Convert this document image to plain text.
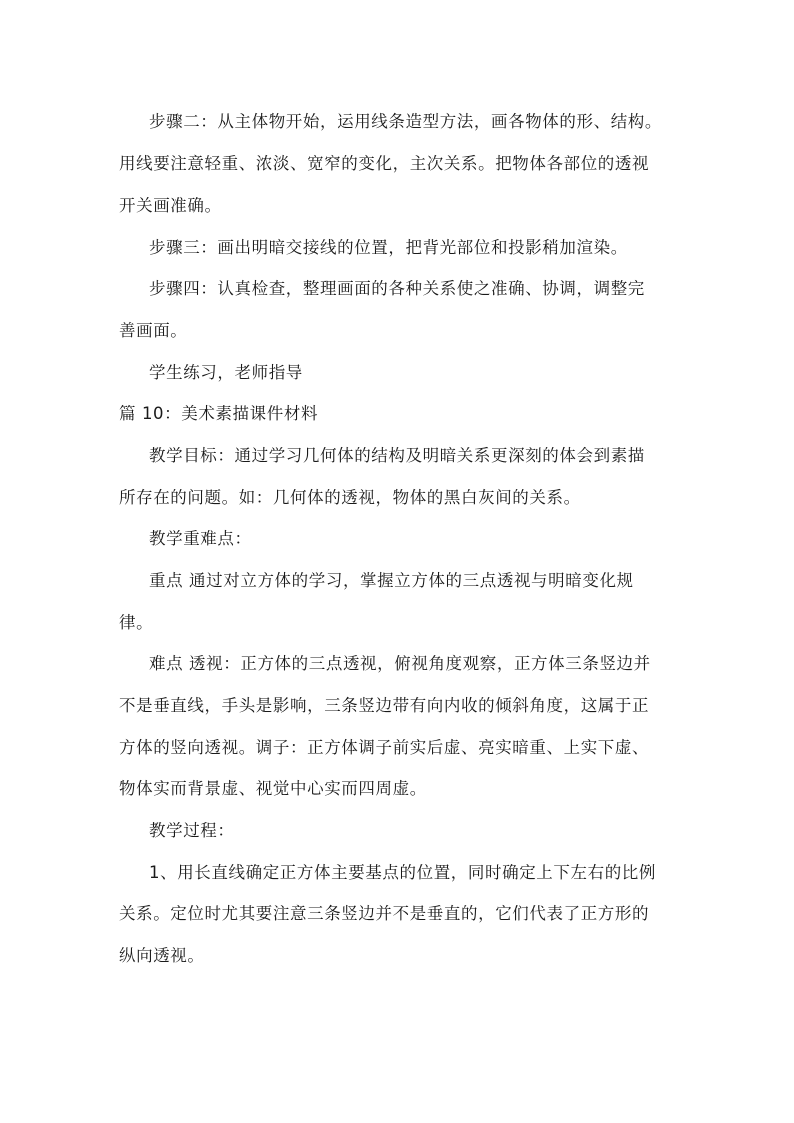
步骤二：从主体物开始，运用线条造型方法，画各物体的形、结构。
用线要注意轻重、浓淡、宽窄的变化，主次关系。把物体各部位的透视
开关画准确。
步骤三：画出明暗交接线的位置，把背光部位和投影稍加渲染。
步骤四：认真检查，整理画面的各种关系使之准确、协调，调整完
善画面。
学生练习，老师指导
篇 10：美术素描课件材料
教学目标：通过学习几何体的结构及明暗关系更深刻的体会到素描
所存在的问题。如：几何体的透视，物体的黑白灰间的关系。
教学重难点：
重点 通过对立方体的学习，掌握立方体的三点透视与明暗变化规
律。
难点 透视：正方体的三点透视，俯视角度观察，正方体三条竖边并
不是垂直线，手头是影响，三条竖边带有向内收的倾斜角度，这属于正
方体的竖向透视。调子：正方体调子前实后虚、亮实暗重、上实下虚、
物体实而背景虚、视觉中心实而四周虚。
教学过程：
1、用长直线确定正方体主要基点的位置，同时确定上下左右的比例
关系。定位时尤其要注意三条竖边并不是垂直的，它们代表了正方形的
纵向透视。
